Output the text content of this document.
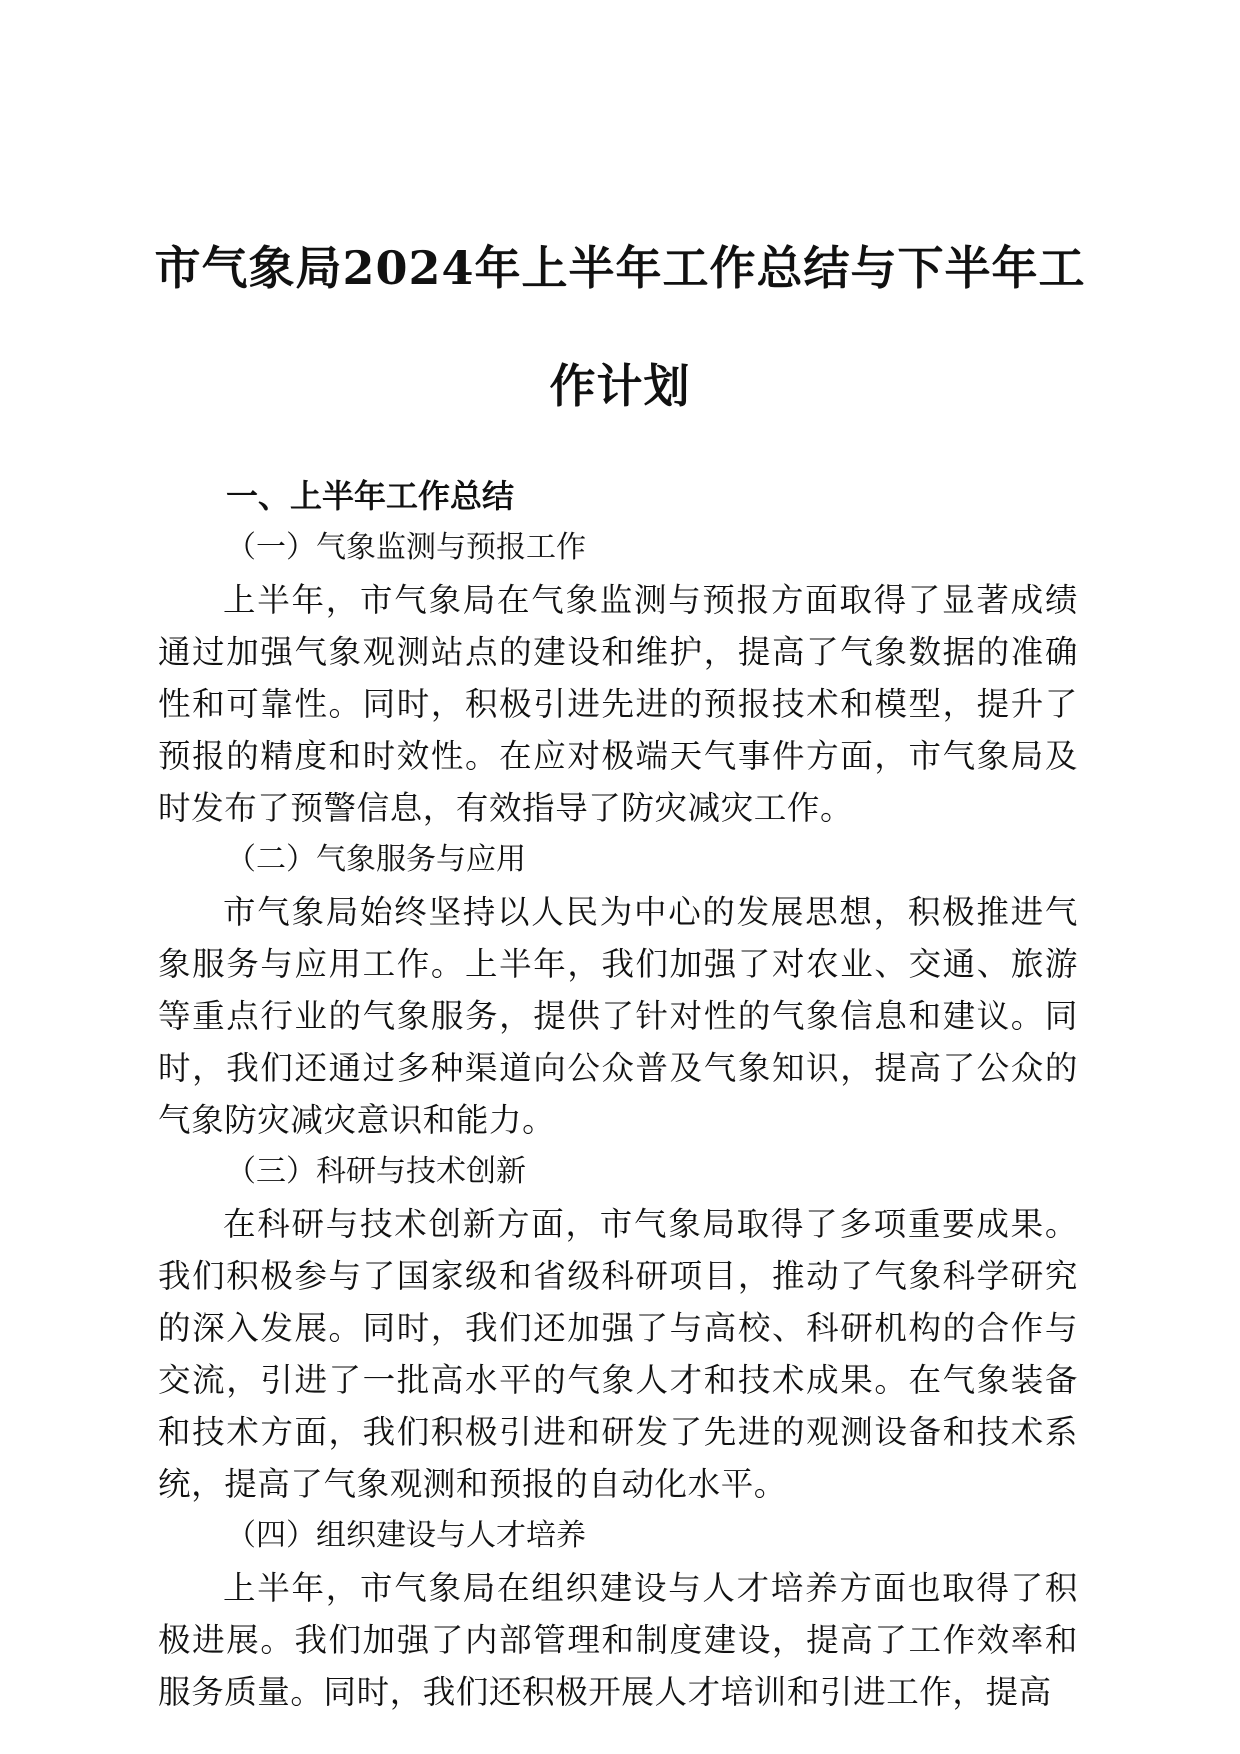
市气象局2024年上半年工作总结与下半年工
作计划

一、上半年工作总结

（一）气象监测与预报工作

上半年，市气象局在气象监测与预报方面取得了显著成绩通过加强气象观测站点的建设和维护，提高了气象数据的准确性和可靠性。同时，积极引进先进的预报技术和模型，提升了预报的精度和时效性。在应对极端天气事件方面，市气象局及时发布了预警信息，有效指导了防灾减灾工作。

（二）气象服务与应用

市气象局始终坚持以人民为中心的发展思想，积极推进气象服务与应用工作。上半年，我们加强了对农业、交通、旅游等重点行业的气象服务，提供了针对性的气象信息和建议。同时，我们还通过多种渠道向公众普及气象知识，提高了公众的气象防灾减灾意识和能力。

（三）科研与技术创新

在科研与技术创新方面，市气象局取得了多项重要成果。我们积极参与了国家级和省级科研项目，推动了气象科学研究的深入发展。同时，我们还加强了与高校、科研机构的合作与交流，引进了一批高水平的气象人才和技术成果。在气象装备和技术方面，我们积极引进和研发了先进的观测设备和技术系统，提高了气象观测和预报的自动化水平。

（四）组织建设与人才培养

上半年，市气象局在组织建设与人才培养方面也取得了积极进展。我们加强了内部管理和制度建设，提高了工作效率和服务质量。同时，我们还积极开展人才培训和引进工作，提高
